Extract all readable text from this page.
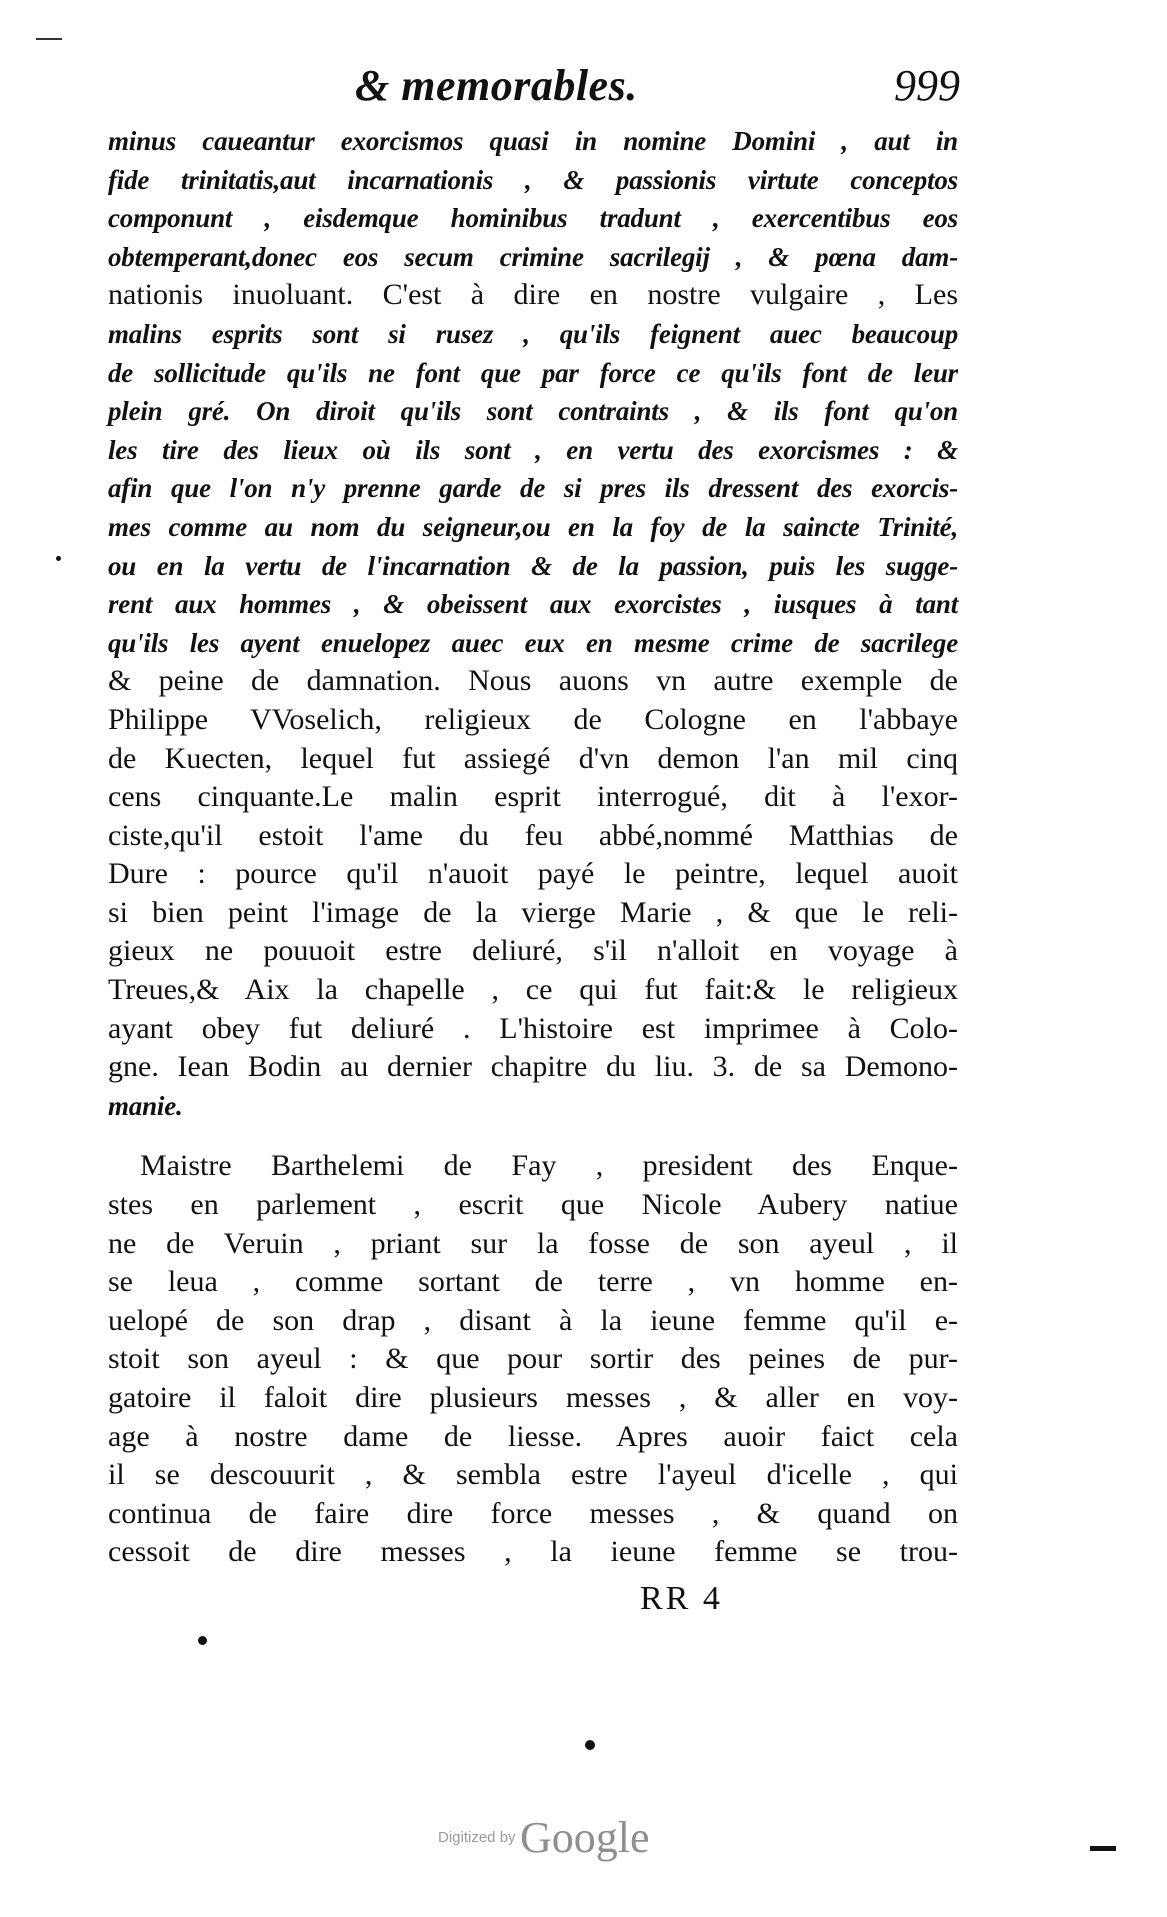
& memorables.	999
minus caueantur exorcismos quasi in nomine Domini , aut in
fide trinitatis,aut incarnationis , & passionis virtute conceptos
componunt , eisdemque hominibus tradunt , exercentibus eos
obtemperant,donec eos secum crimine sacrilegij , & pœna dam-
nationis inuoluant. C'est à dire en nostre vulgaire , Les
malins esprits sont si rusez , qu'ils feignent auec beaucoup
de sollicitude qu'ils ne font que par force ce qu'ils font de leur
plein gré. On diroit qu'ils sont contraints , & ils font qu'on
les tire des lieux où ils sont , en vertu des exorcismes : &
afin que l'on n'y prenne garde de si pres ils dressent des exorcis-
mes comme au nom du seigneur,ou en la foy de la saincte Trinité,
ou en la vertu de l'incarnation & de la passion, puis les sugge-
rent aux hommes , & obeissent aux exorcistes , iusques à tant
qu'ils les ayent enuelopez auec eux en mesme crime de sacrilege
& peine de damnation. Nous auons vn autre exemple de
Philippe VVoselich, religieux de Cologne en l'abbaye
de Kuecten, lequel fut assiegé d'vn demon l'an mil cinq
cens cinquante.Le malin esprit interrogué, dit à l'exor-
ciste,qu'il estoit l'ame du feu abbé,nommé Matthias de
Dure : pource qu'il n'auoit payé le peintre, lequel auoit
si bien peint l'image de la vierge Marie , & que le reli-
gieux ne pouuoit estre deliuré, s'il n'alloit en voyage à
Treues,& Aix la chapelle , ce qui fut fait:& le religieux
ayant obey fut deliuré . L'histoire est imprimee à Colo-
gne. Iean Bodin au dernier chapitre du liu. 3. de sa Demono-
manie.
Maistre Barthelemi de Fay , president des Enque-
stes en parlement , escrit que Nicole Aubery natiue
ne de Veruin , priant sur la fosse de son ayeul , il
se leua , comme sortant de terre , vn homme en-
uelopé de son drap , disant à la ieune femme qu'il e-
stoit son ayeul : & que pour sortir des peines de pur-
gatoire il faloit dire plusieurs messes , & aller en voy-
age à nostre dame de liesse. Apres auoir faict cela
il se descouurit , & sembla estre l'ayeul d'icelle , qui
continua de faire dire force messes , & quand on
cessoit de dire messes , la ieune femme se trou-
RR 4
Digitized by Google
